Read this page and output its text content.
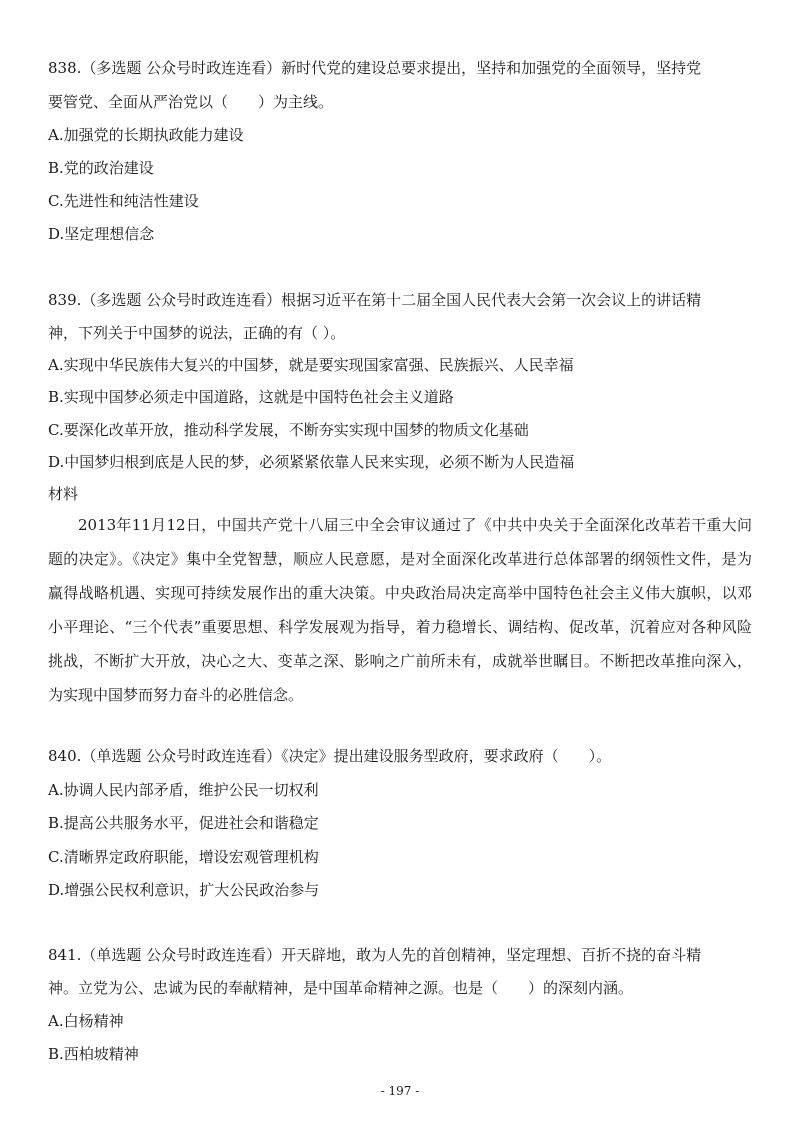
838.（多选题 公众号时政连连看）新时代党的建设总要求提出，坚持和加强党的全面领导，坚持党
要管党、全面从严治党以（　　）为主线。
A.加强党的长期执政能力建设
B.党的政治建设
C.先进性和纯洁性建设
D.坚定理想信念
839.（多选题 公众号时政连连看）根据习近平在第十二届全国人民代表大会第一次会议上的讲话精
神，下列关于中国梦的说法，正确的有（ ）。
A.实现中华民族伟大复兴的中国梦，就是要实现国家富强、民族振兴、人民幸福
B.实现中国梦必须走中国道路，这就是中国特色社会主义道路
C.要深化改革开放，推动科学发展，不断夯实实现中国梦的物质文化基础
D.中国梦归根到底是人民的梦，必须紧紧依靠人民来实现，必须不断为人民造福
材料
2013年11月12日，中国共产党十八届三中全会审议通过了《中共中央关于全面深化改革若干重大问题的决定》。《决定》集中全党智慧，顺应人民意愿，是对全面深化改革进行总体部署的纲领性文件，是为赢得战略机遇、实现可持续发展作出的重大决策。中央政治局决定高举中国特色社会主义伟大旗帜，以邓小平理论、“三个代表”重要思想、科学发展观为指导，着力稳增长、调结构、促改革，沉着应对各种风险挑战，不断扩大开放，决心之大、变革之深、影响之广前所未有，成就举世瞩目。不断把改革推向深入，为实现中国梦而努力奋斗的必胜信念。
840.（单选题 公众号时政连连看）《决定》提出建设服务型政府，要求政府（　　）。
A.协调人民内部矛盾，维护公民一切权利
B.提高公共服务水平，促进社会和谐稳定
C.清晰界定政府职能，增设宏观管理机构
D.增强公民权利意识，扩大公民政治参与
841.（单选题 公众号时政连连看）开天辟地，敢为人先的首创精神，坚定理想、百折不挠的奋斗精
神。立党为公、忠诚为民的奉献精神，是中国革命精神之源。也是（　　）的深刻内涵。
A.白杨精神
B.西柏坡精神
- 197 -
